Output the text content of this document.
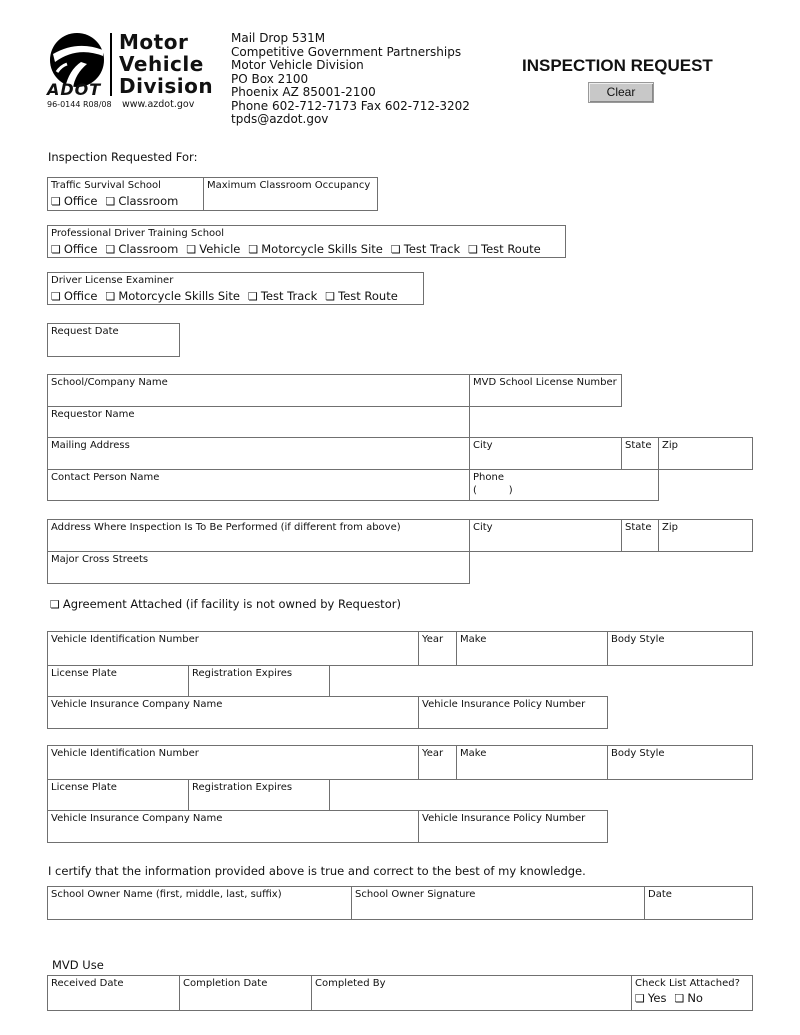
ADOT
Motor
Vehicle
Division
96-0144 R08/08 www.azdot.gov
Mail Drop 531M
Competitive Government Partnerships
Motor Vehicle Division
PO Box 2100
Phoenix AZ 85001-2100
Phone 602-712-7173 Fax 602-712-3202
tpds@azdot.gov
INSPECTION REQUEST
Clear
Inspection Requested For:
Traffic Survival School
❏ Office ❏ Classroom
Maximum Classroom Occupancy
Professional Driver Training School
❏ Office ❏ Classroom ❏ Vehicle ❏ Motorcycle Skills Site ❏ Test Track ❏ Test Route
Driver License Examiner
❏ Office ❏ Motorcycle Skills Site ❏ Test Track ❏ Test Route
Request Date
School/Company Name	MVD School License Number
Requestor Name
Mailing Address	City	State	Zip
Contact Person Name	Phone
(          )
Address Where Inspection Is To Be Performed (if different from above)	City	State	Zip
Major Cross Streets
❏ Agreement Attached (if facility is not owned by Requestor)
Vehicle Identification Number	Year	Make	Body Style
License Plate	Registration Expires
Vehicle Insurance Company Name	Vehicle Insurance Policy Number
Vehicle Identification Number	Year	Make	Body Style
License Plate	Registration Expires
Vehicle Insurance Company Name	Vehicle Insurance Policy Number
I certify that the information provided above is true and correct to the best of my knowledge.
School Owner Name (first, middle, last, suffix)	School Owner Signature	Date
MVD Use
Received Date	Completion Date	Completed By	Check List Attached?
❏ Yes ❏ No
